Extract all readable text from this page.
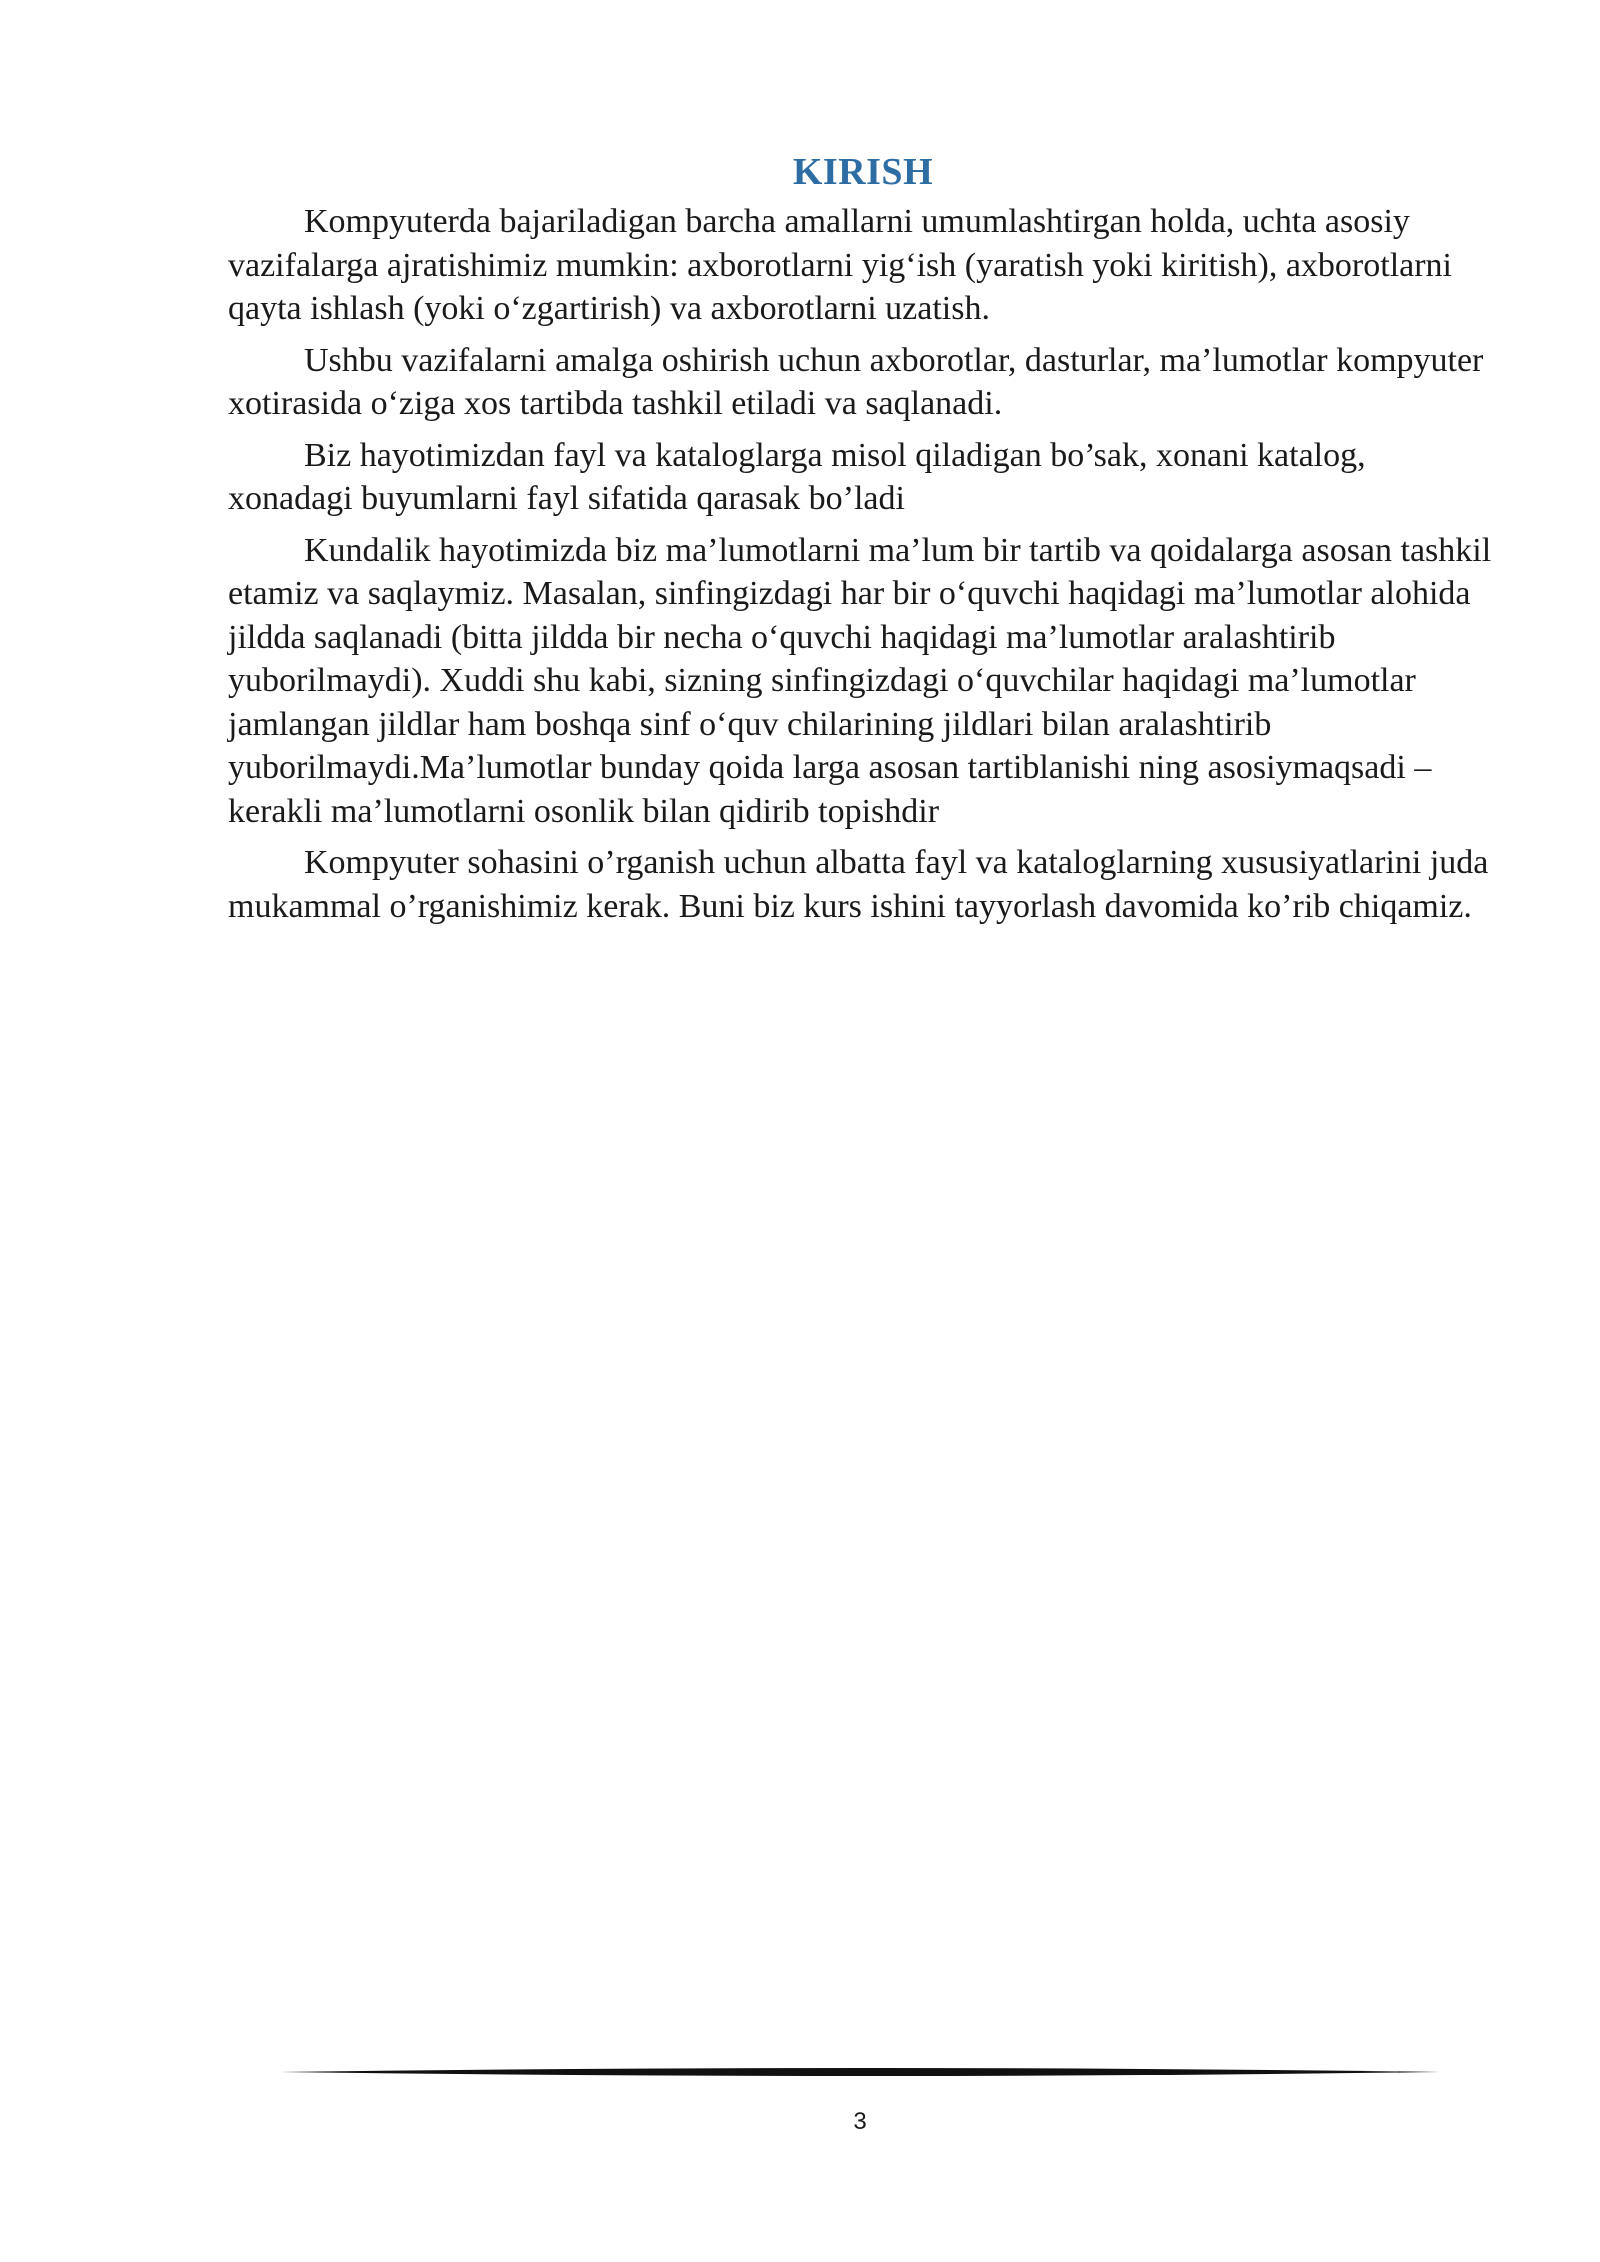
KIRISH

Kompyuterda bajariladigan barcha amallarni umumlashtirgan holda, uchta asosiy vazifalarga ajratishimiz mumkin: axborotlarni yig‘ish (yaratish yoki kiritish), axborotlarni qayta ishlash (yoki o‘zgartirish) va axborotlarni uzatish.

Ushbu vazifalarni amalga oshirish uchun axborotlar, dasturlar, ma’lumotlar kompyuter xotirasida o‘ziga xos tartibda tashkil etiladi va saqlanadi.

Biz hayotimizdan fayl va kataloglarga misol qiladigan bo’sak, xonani katalog, xonadagi buyumlarni fayl sifatida qarasak bo’ladi

Kundalik hayotimizda biz ma’lumotlarni ma’lum bir tartib va qoidalarga asosan tashkil etamiz va saqlaymiz. Masalan, sinfingizdagi har bir o‘quvchi haqidagi ma’lumotlar alohida jildda saqlanadi (bitta jildda bir necha o‘quvchi haqidagi ma’lumotlar aralashtirib yuborilmaydi). Xuddi shu kabi, sizning sinfingizdagi o‘quvchilar haqidagi ma’lumotlar jamlangan jildlar ham boshqa sinf o‘quv chilarining jildlari bilan aralashtirib yuborilmaydi.Ma’lumotlar bunday qoida larga asosan tartiblanishi ning asosiymaqsadi – kerakli ma’lumotlarni osonlik bilan qidirib topishdir

Kompyuter sohasini o’rganish uchun albatta fayl va kataloglarning xususiyatlarini juda mukammal o’rganishimiz kerak. Buni biz kurs ishini tayyorlash davomida ko’rib chiqamiz.

3
